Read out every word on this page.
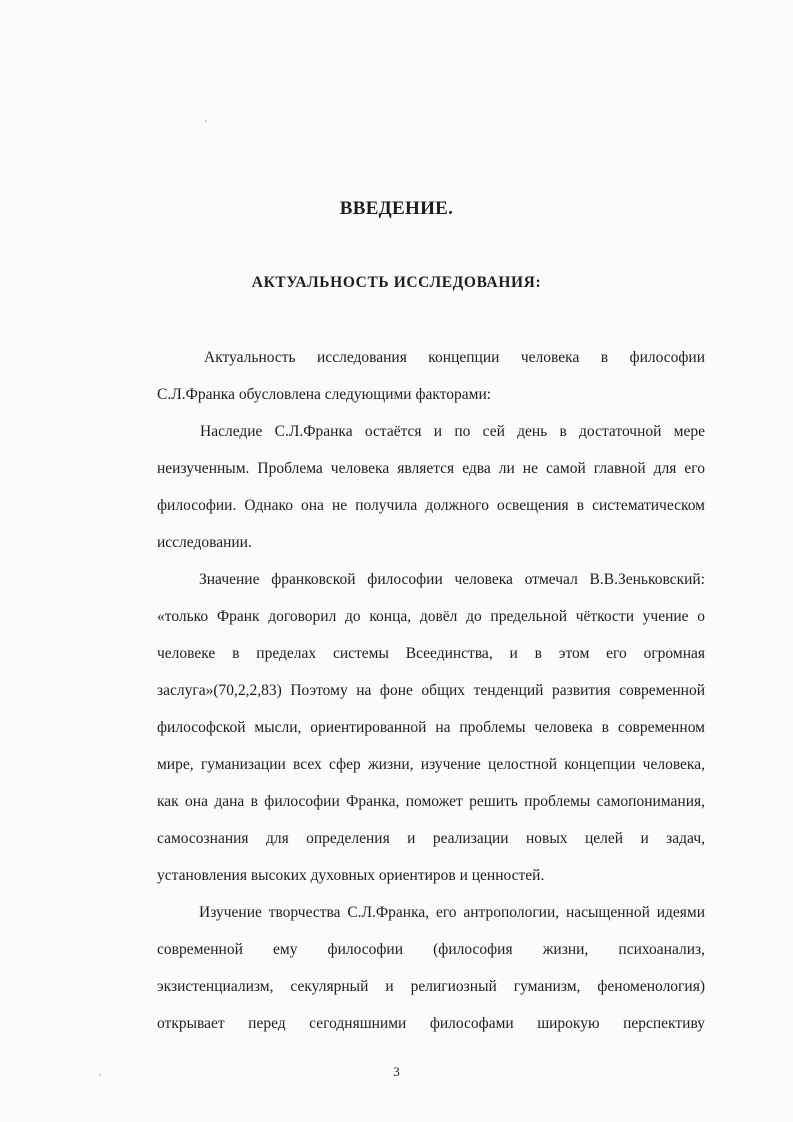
ВВЕДЕНИЕ.
АКТУАЛЬНОСТЬ ИССЛЕДОВАНИЯ:
Актуальность исследования концепции человека в философии
С.Л.Франка обусловлена следующими факторами:
Наследие С.Л.Франка остаётся и по сей день в достаточной мере
неизученным. Проблема человека является едва ли не самой главной для его
философии. Однако она не получила должного освещения в систематическом
исследовании.
Значение франковской философии человека отмечал В.В.Зеньковский:
«только Франк договорил до конца, довёл до предельной чёткости учение о
человеке в пределах системы Всеединства, и в этом его огромная
заслуга»(70,2,2,83) Поэтому на фоне общих тенденций развития современной
философской мысли, ориентированной на проблемы человека в современном
мире, гуманизации всех сфер жизни, изучение целостной концепции человека,
как она дана в философии Франка, поможет решить проблемы самопонимания,
самосознания для определения и реализации новых целей и задач,
установления высоких духовных ориентиров и ценностей.
Изучение творчества С.Л.Франка, его антропологии, насыщенной идеями
современной ему философии (философия жизни, психоанализ,
экзистенциализм, секулярный и религиозный гуманизм, феноменология)
открывает перед сегодняшними философами широкую перспективу
3
